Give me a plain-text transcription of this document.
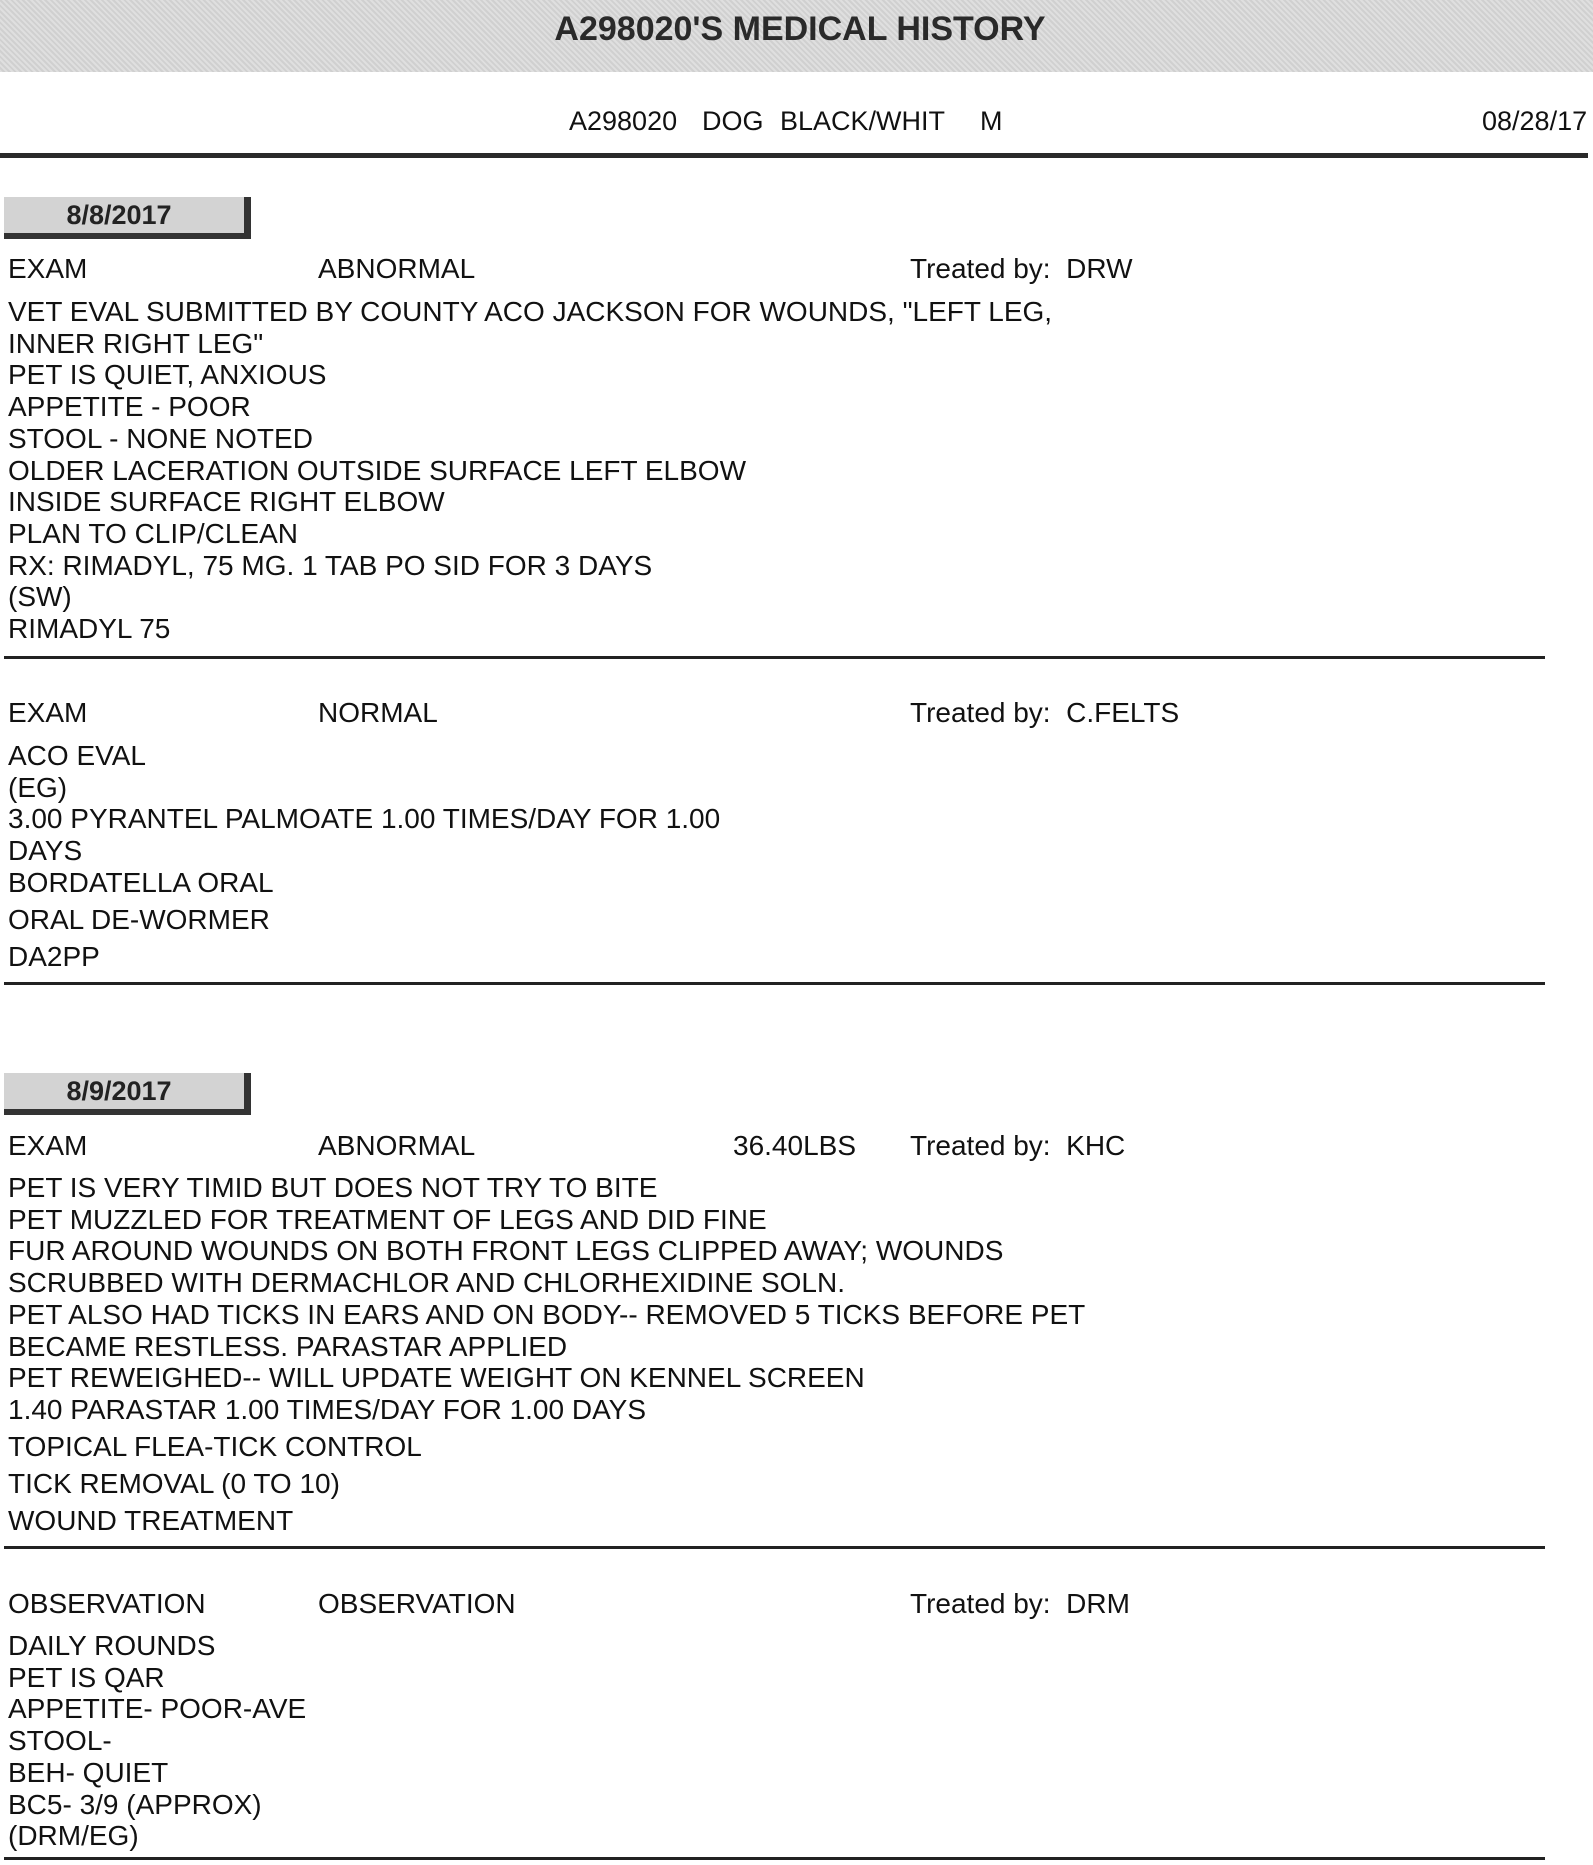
A298020'S MEDICAL HISTORY
A298020 DOG BLACK/WHIT M	08/28/17
8/8/2017
EXAM	ABNORMAL	Treated by: DRW
VET EVAL SUBMITTED BY COUNTY ACO JACKSON FOR WOUNDS, "LEFT LEG,
INNER RIGHT LEG"
PET IS QUIET, ANXIOUS
APPETITE - POOR
STOOL - NONE NOTED
OLDER LACERATION OUTSIDE SURFACE LEFT ELBOW
INSIDE SURFACE RIGHT ELBOW
PLAN TO CLIP/CLEAN
RX: RIMADYL, 75 MG. 1 TAB PO SID FOR 3 DAYS
(SW)
RIMADYL 75
EXAM	NORMAL	Treated by: C.FELTS
ACO EVAL
(EG)
3.00 PYRANTEL PALMOATE 1.00 TIMES/DAY FOR 1.00
DAYS
BORDATELLA ORAL
ORAL DE-WORMER
DA2PP
8/9/2017
EXAM	ABNORMAL	36.40LBS Treated by: KHC
PET IS VERY TIMID BUT DOES NOT TRY TO BITE
PET MUZZLED FOR TREATMENT OF LEGS AND DID FINE
FUR AROUND WOUNDS ON BOTH FRONT LEGS CLIPPED AWAY; WOUNDS
SCRUBBED WITH DERMACHLOR AND CHLORHEXIDINE SOLN.
PET ALSO HAD TICKS IN EARS AND ON BODY-- REMOVED 5 TICKS BEFORE PET
BECAME RESTLESS. PARASTAR APPLIED
PET REWEIGHED-- WILL UPDATE WEIGHT ON KENNEL SCREEN
1.40 PARASTAR 1.00 TIMES/DAY FOR 1.00 DAYS
TOPICAL FLEA-TICK CONTROL
TICK REMOVAL (0 TO 10)
WOUND TREATMENT
OBSERVATION	OBSERVATION	Treated by: DRM
DAILY ROUNDS
PET IS QAR
APPETITE- POOR-AVE
STOOL-
BEH- QUIET
BC5- 3/9 (APPROX)
(DRM/EG)
